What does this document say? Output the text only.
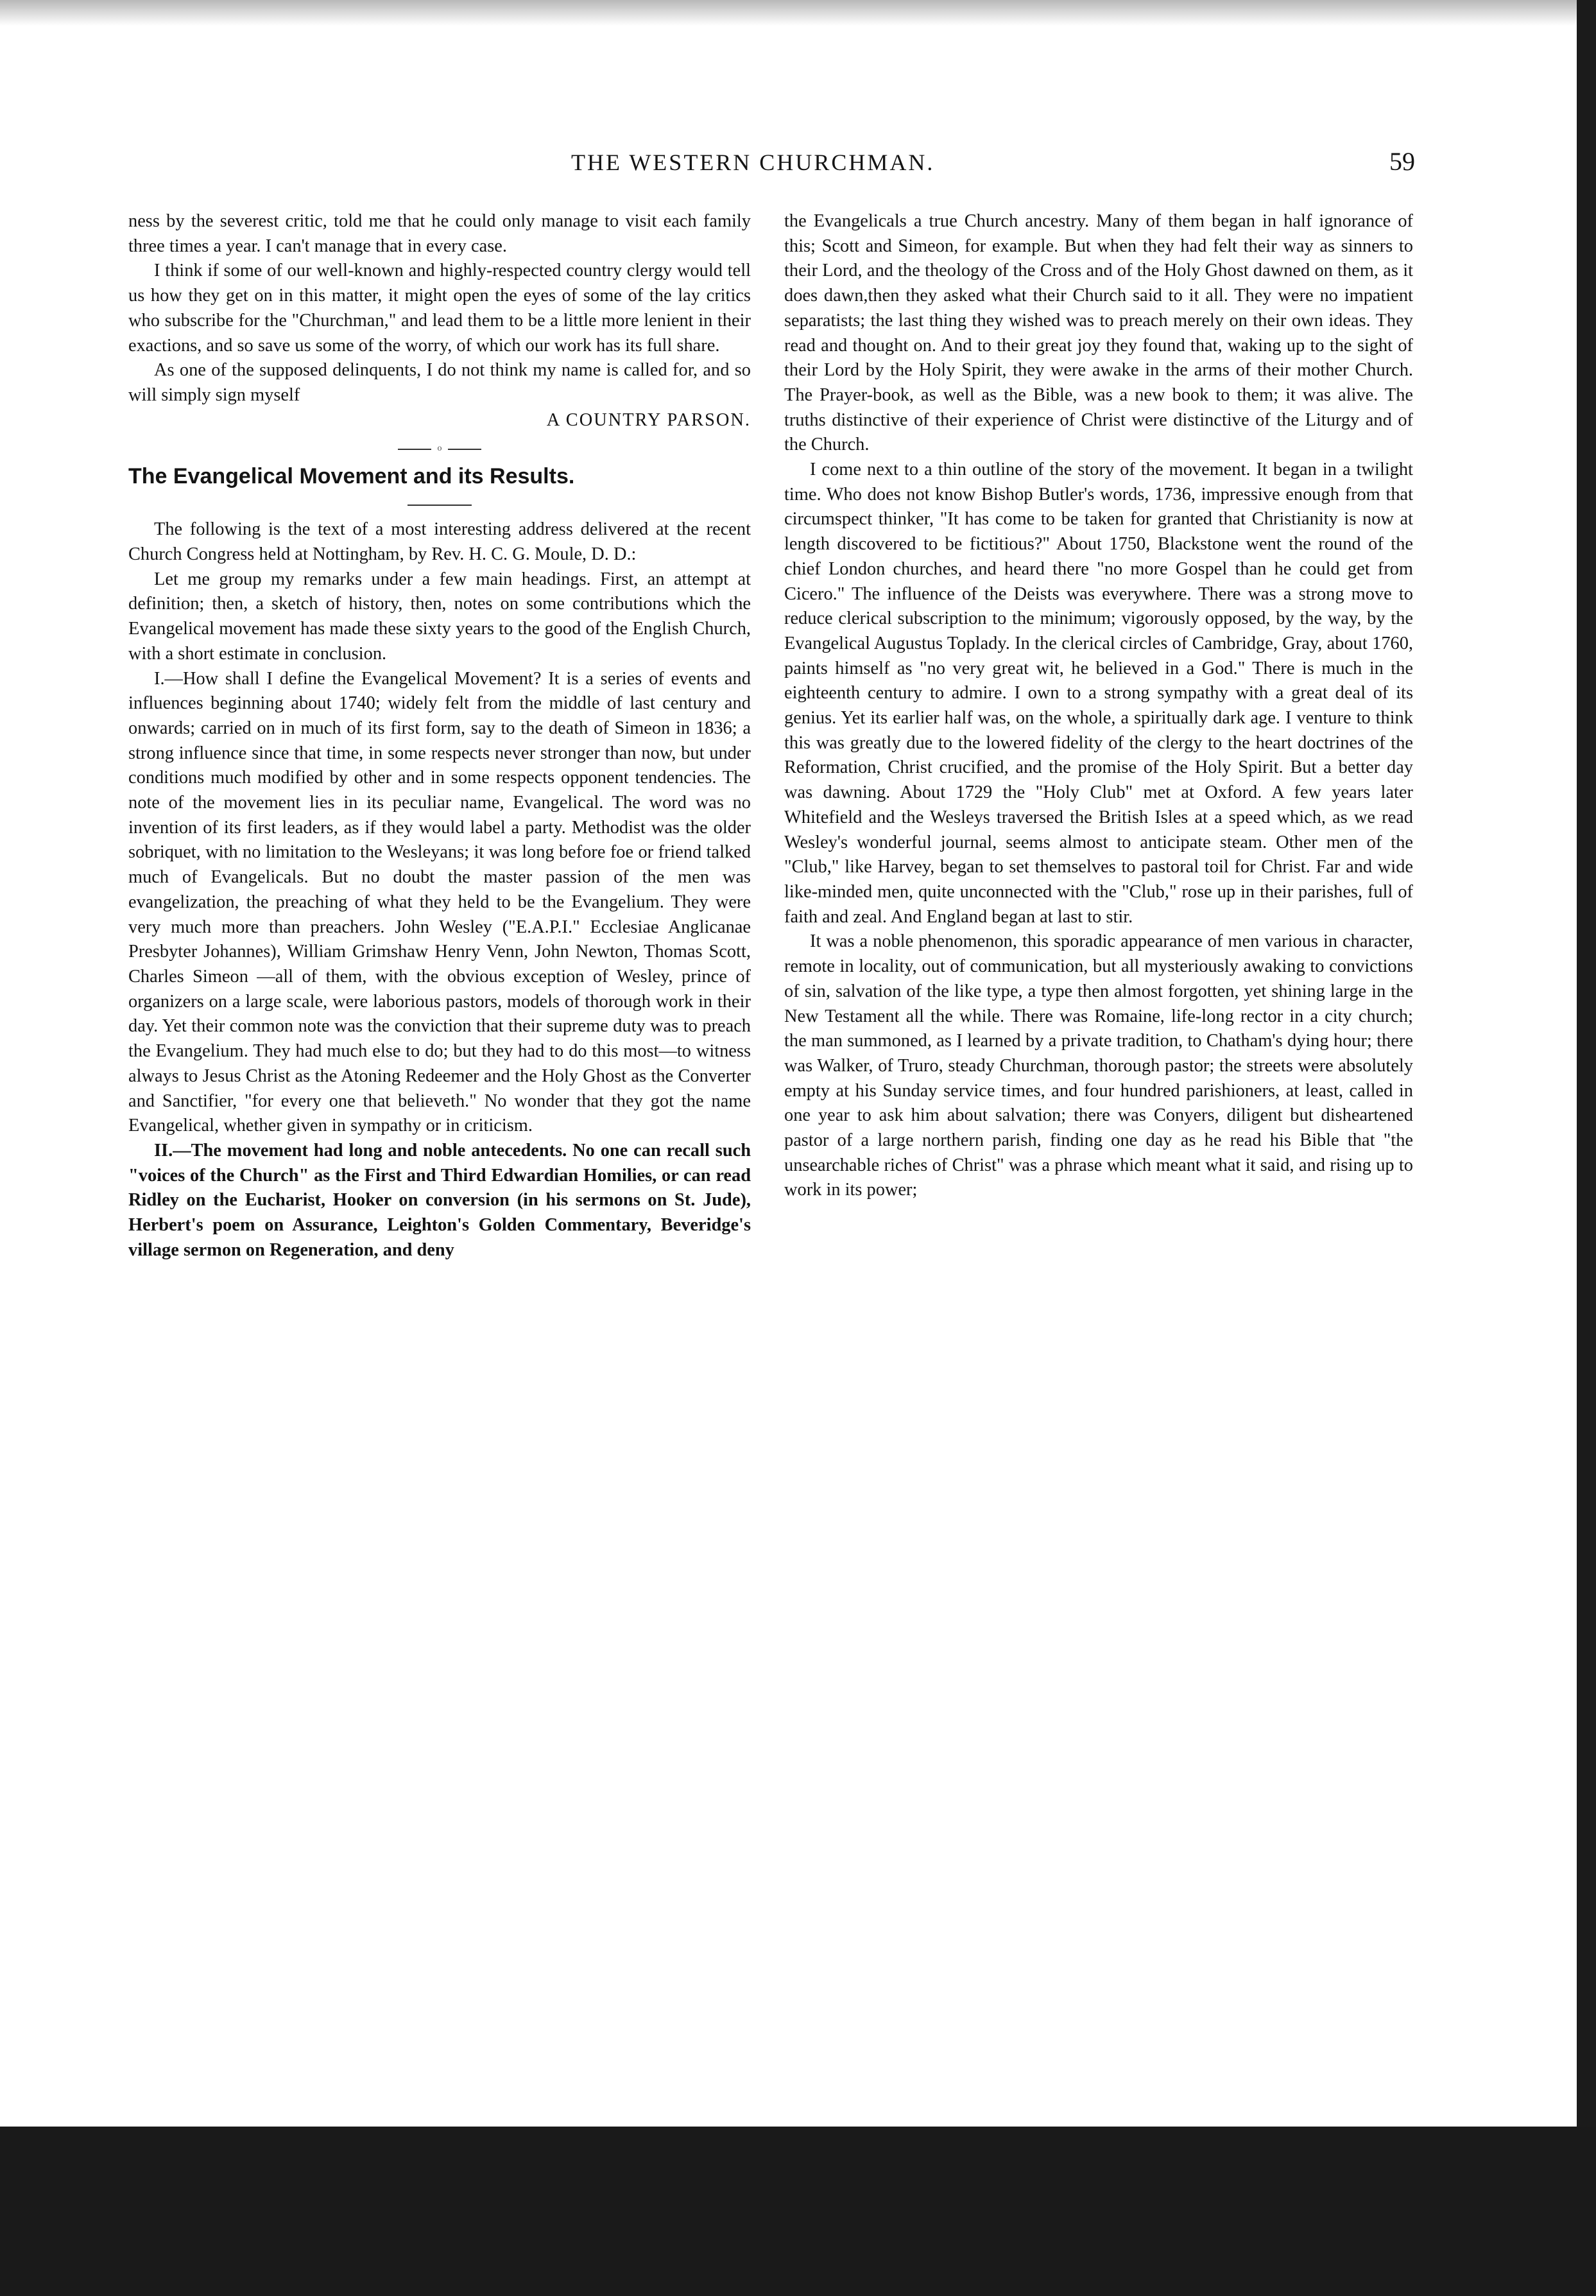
THE WESTERN CHURCHMAN.	59

ness by the severest critic, told me that he could only manage to visit each family three times a year. I can't manage that in every case.

I think if some of our well-known and highly-respected country clergy would tell us how they get on in this matter, it might open the eyes of some of the lay critics who subscribe for the "Churchman," and lead them to be a little more lenient in their exactions, and so save us some of the worry, of which our work has its full share.

As one of the supposed delinquents, I do not think my name is called for, and so will simply sign myself

A COUNTRY PARSON.

o
The Evangelical Movement and its Results.

The following is the text of a most interesting address delivered at the recent Church Congress held at Nottingham, by Rev. H. C. G. Moule, D. D.:

Let me group my remarks under a few main headings. First, an attempt at definition; then, a sketch of history, then, notes on some contributions which the Evangelical movement has made these sixty years to the good of the English Church, with a short estimate in conclusion.

I.—How shall I define the Evangelical Movement? It is a series of events and influences beginning about 1740; widely felt from the middle of last century and onwards; carried on in much of its first form, say to the death of Simeon in 1836; a strong influence since that time, in some respects never stronger than now, but under conditions much modified by other and in some respects opponent tendencies. The note of the movement lies in its peculiar name, Evangelical. The word was no invention of its first leaders, as if they would label a party. Methodist was the older sobriquet, with no limitation to the Wesleyans; it was long before foe or friend talked much of Evangelicals. But no doubt the master passion of the men was evangelization, the preaching of what they held to be the Evangelium. They were very much more than preachers. John Wesley ("E.A.P.I." Ecclesiae Anglicanae Presbyter Johannes), William Grimshaw Henry Venn, John Newton, Thomas Scott, Charles Simeon —all of them, with the obvious exception of Wesley, prince of organizers on a large scale, were laborious pastors, models of thorough work in their day. Yet their common note was the conviction that their supreme duty was to preach the Evangelium. They had much else to do; but they had to do this most—to witness always to Jesus Christ as the Atoning Redeemer and the Holy Ghost as the Converter and Sanctifier, "for every one that believeth." No wonder that they got the name Evangelical, whether given in sympathy or in criticism.

II.—The movement had long and noble antecedents. No one can recall such "voices of the Church" as the First and Third Edwardian Homilies, or can read Ridley on the Eucharist, Hooker on conversion (in his sermons on St. Jude), Herbert's poem on Assurance, Leighton's Golden Commentary, Beveridge's village sermon on Regeneration, and deny

the Evangelicals a true Church ancestry. Many of them began in half ignorance of this; Scott and Simeon, for example. But when they had felt their way as sinners to their Lord, and the theology of the Cross and of the Holy Ghost dawned on them, as it does dawn,then they asked what their Church said to it all. They were no impatient separatists; the last thing they wished was to preach merely on their own ideas. They read and thought on. And to their great joy they found that, waking up to the sight of their Lord by the Holy Spirit, they were awake in the arms of their mother Church. The Prayer-book, as well as the Bible, was a new book to them; it was alive. The truths distinctive of their experience of Christ were distinctive of the Liturgy and of the Church.

I come next to a thin outline of the story of the movement. It began in a twilight time. Who does not know Bishop Butler's words, 1736, impressive enough from that circumspect thinker, "It has come to be taken for granted that Christianity is now at length discovered to be fictitious?" About 1750, Blackstone went the round of the chief London churches, and heard there "no more Gospel than he could get from Cicero." The influence of the Deists was everywhere. There was a strong move to reduce clerical subscription to the minimum; vigorously opposed, by the way, by the Evangelical Augustus Toplady. In the clerical circles of Cambridge, Gray, about 1760, paints himself as "no very great wit, he believed in a God." There is much in the eighteenth century to admire. I own to a strong sympathy with a great deal of its genius. Yet its earlier half was, on the whole, a spiritually dark age. I venture to think this was greatly due to the lowered fidelity of the clergy to the heart doctrines of the Reformation, Christ crucified, and the promise of the Holy Spirit. But a better day was dawning. About 1729 the "Holy Club" met at Oxford. A few years later Whitefield and the Wesleys traversed the British Isles at a speed which, as we read Wesley's wonderful journal, seems almost to anticipate steam. Other men of the "Club," like Harvey, began to set themselves to pastoral toil for Christ. Far and wide like-minded men, quite unconnected with the "Club," rose up in their parishes, full of faith and zeal. And England began at last to stir.

It was a noble phenomenon, this sporadic appearance of men various in character, remote in locality, out of communication, but all mysteriously awaking to convictions of sin, salvation of the like type, a type then almost forgotten, yet shining large in the New Testament all the while. There was Romaine, life-long rector in a city church; the man summoned, as I learned by a private tradition, to Chatham's dying hour; there was Walker, of Truro, steady Churchman, thorough pastor; the streets were absolutely empty at his Sunday service times, and four hundred parishioners, at least, called in one year to ask him about salvation; there was Conyers, diligent but disheartened pastor of a large northern parish, finding one day as he read his Bible that "the unsearchable riches of Christ" was a phrase which meant what it said, and rising up to work in its power;
